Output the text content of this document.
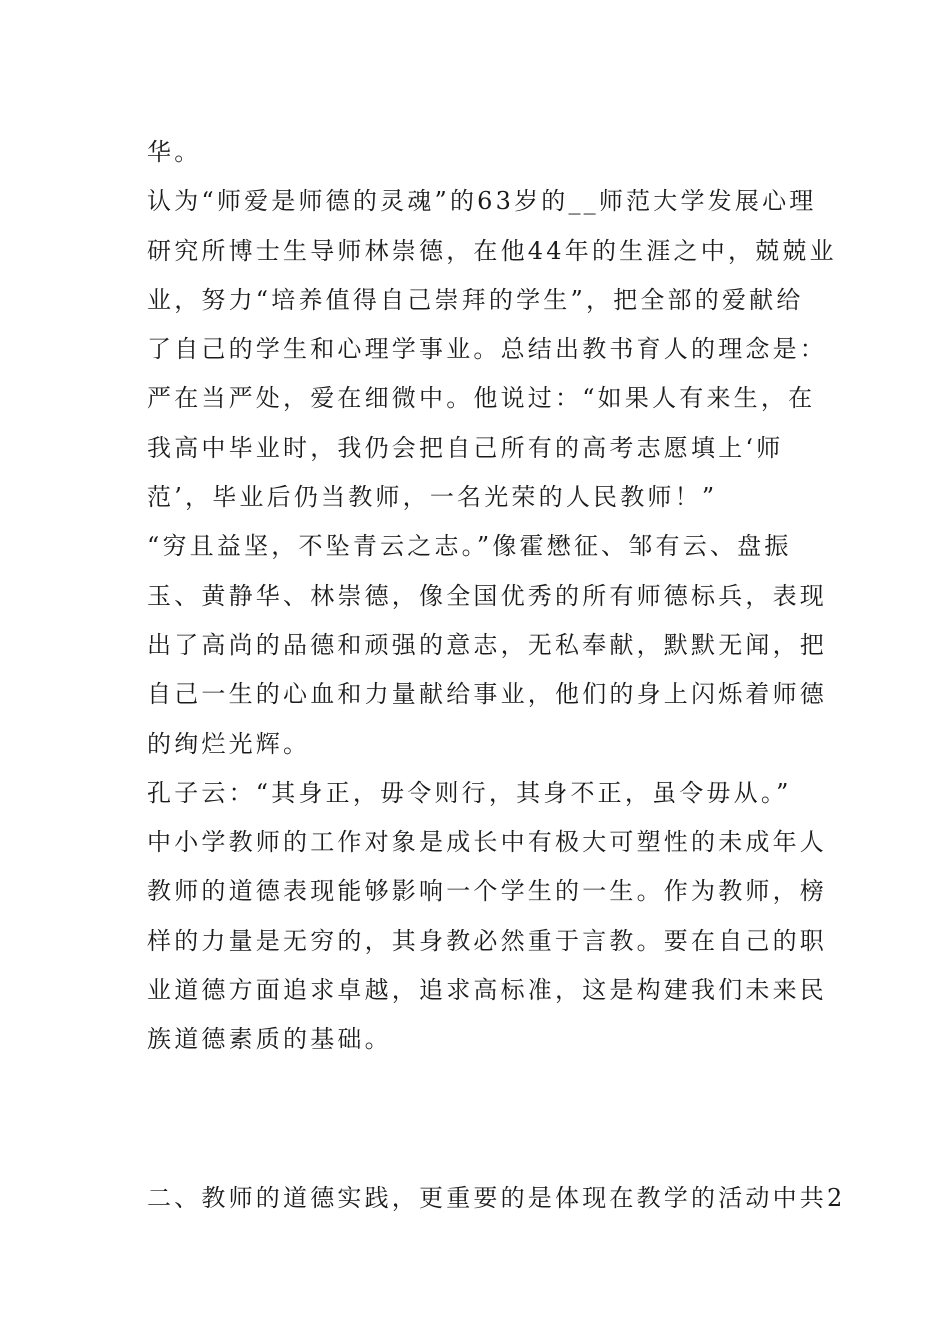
华。
认为“师爱是师德的灵魂”的63岁的__师范大学发展心理
研究所博士生导师林崇德，在他44年的生涯之中，兢兢业
业，努力“培养值得自己崇拜的学生”，把全部的爱献给
了自己的学生和心理学事业。总结出教书育人的理念是：
严在当严处，爱在细微中。他说过：“如果人有来生，在
我高中毕业时，我仍会把自己所有的高考志愿填上‘师
范’，毕业后仍当教师，一名光荣的人民教师！”
“穷且益坚，不坠青云之志。”像霍懋征、邹有云、盘振
玉、黄静华、林崇德，像全国优秀的所有师德标兵，表现
出了高尚的品德和顽强的意志，无私奉献，默默无闻，把
自己一生的心血和力量献给事业，他们的身上闪烁着师德
的绚烂光辉。
孔子云：“其身正，毋令则行，其身不正，虽令毋从。”
中小学教师的工作对象是成长中有极大可塑性的未成年人
教师的道德表现能够影响一个学生的一生。作为教师，榜
样的力量是无穷的，其身教必然重于言教。要在自己的职
业道德方面追求卓越，追求高标准，这是构建我们未来民
族道德素质的基础。
二、教师的道德实践，更重要的是体现在教学的活动中共2
